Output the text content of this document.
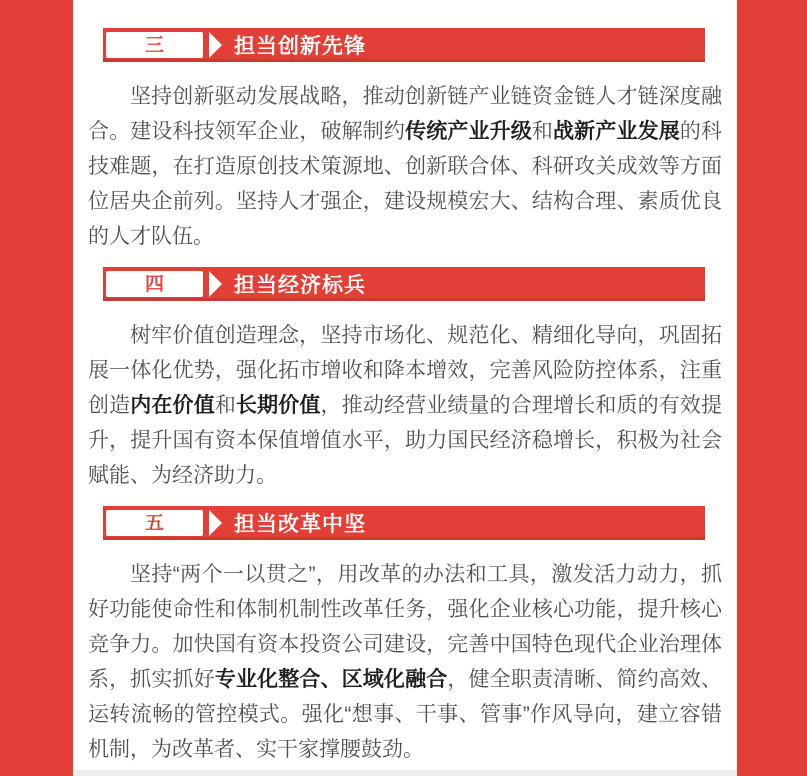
三	担当创新先锋

坚持创新驱动发展战略，推动创新链产业链资金链人才链深度融合。建设科技领军企业，破解制约传统产业升级和战新产业发展的科技难题，在打造原创技术策源地、创新联合体、科研攻关成效等方面位居央企前列。坚持人才强企，建设规模宏大、结构合理、素质优良的人才队伍。

四	担当经济标兵

树牢价值创造理念，坚持市场化、规范化、精细化导向，巩固拓展一体化优势，强化拓市增收和降本增效，完善风险防控体系，注重创造内在价值和长期价值，推动经营业绩量的合理增长和质的有效提升，提升国有资本保值增值水平，助力国民经济稳增长，积极为社会赋能、为经济助力。

五	担当改革中坚

坚持“两个一以贯之”，用改革的办法和工具，激发活力动力，抓好功能使命性和体制机制性改革任务，强化企业核心功能，提升核心竞争力。加快国有资本投资公司建设，完善中国特色现代企业治理体系，抓实抓好专业化整合、区域化融合，健全职责清晰、简约高效、运转流畅的管控模式。强化“想事、干事、管事”作风导向，建立容错机制，为改革者、实干家撑腰鼓劲。
